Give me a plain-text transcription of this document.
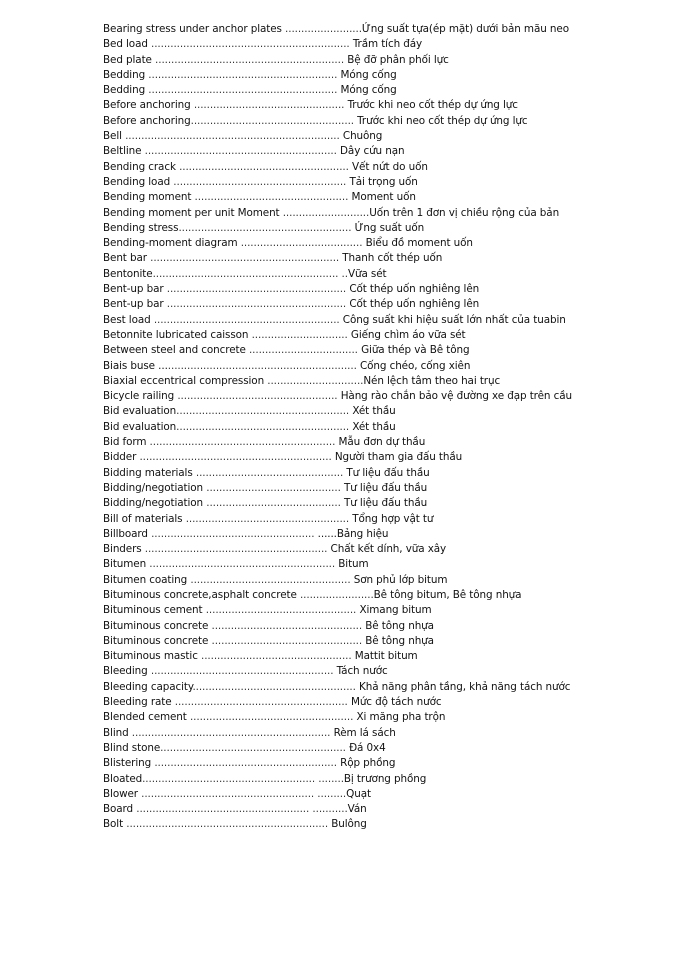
Bearing stress under anchor plates ........................Ứng suất tựa(ép mặt) dưới bản mãu neo
Bed load .............................................................. Trầm tích đáy
Bed plate ........................................................... Bệ đỡ phân phối lực
Bedding ........................................................... Móng cống
Bedding ........................................................... Móng cống
Before anchoring ............................................... Trước khi neo cốt thép dự ứng lực
Before anchoring................................................... Trước khi neo cốt thép dự ứng lực
Bell ................................................................... Chuông
Beltline ............................................................ Dây cứu nạn
Bending crack ..................................................... Vết nứt do uốn
Bending load ...................................................... Tải trọng uốn
Bending moment ................................................ Moment uốn
Bending moment per unit Moment ...........................Uốn trên 1 đơn vị chiều rộng của bản
Bending stress...................................................... Ứng suất uốn
Bending-moment diagram ...................................... Biểu đồ moment uốn
Bent bar ........................................................... Thanh cốt thép uốn
Bentonite.......................................................... ..Vữa sét
Bent-up bar ........................................................ Cốt thép uốn nghiêng lên
Bent-up bar ........................................................ Cốt thép uốn nghiêng lên
Best load .......................................................... Công suất khi hiệu suất lớn nhất của tuabin
Betonnite lubricated caisson .............................. Giếng chìm áo vữa sét
Between steel and concrete .................................. Giữa thép và Bê tông
Biais buse .............................................................. Cống chéo, cống xiên
Biaxial eccentrical compression ..............................Nén lệch tâm theo hai trục
Bicycle railing .................................................. Hàng rào chắn bảo vệ đường xe đạp trên cầu
Bid evaluation...................................................... Xét thầu
Bid evaluation...................................................... Xét thầu
Bid form .......................................................... Mẫu đơn dự thầu
Bidder ............................................................ Người tham gia đấu thầu
Bidding materials .............................................. Tư liệu đấu thầu
Bidding/negotiation .......................................... Tư liệu đấu thầu
Bidding/negotiation .......................................... Tư liệu đấu thầu
Bill of materials ................................................... Tổng hợp vật tư
Billboard ................................................... ......Bảng hiệu
Binders ......................................................... Chất kết dính, vữa xây
Bitumen .......................................................... Bitum
Bitumen coating .................................................. Sơn phủ lớp bitum
Bituminous concrete,asphalt concrete .......................Bê tông bitum, Bê tông nhựa
Bituminous cement ............................................... Ximang bitum
Bituminous concrete ............................................... Bê tông nhựa
Bituminous concrete ............................................... Bê tông nhựa
Bituminous mastic ............................................... Mattit bitum
Bleeding ......................................................... Tách nước
Bleeding capacity................................................... Khả năng phân tầng, khả năng tách nước
Bleeding rate ...................................................... Mức độ tách nước
Blended cement ................................................... Xi măng pha trộn
Blind .............................................................. Rèm lá sách
Blind stone.......................................................... Đá 0x4
Blistering ......................................................... Rộp phồng
Bloated...................................................... ........Bị trương phồng
Blower ...................................................... .........Quạt
Board ...................................................... ...........Ván
Bolt ............................................................... Bulông
